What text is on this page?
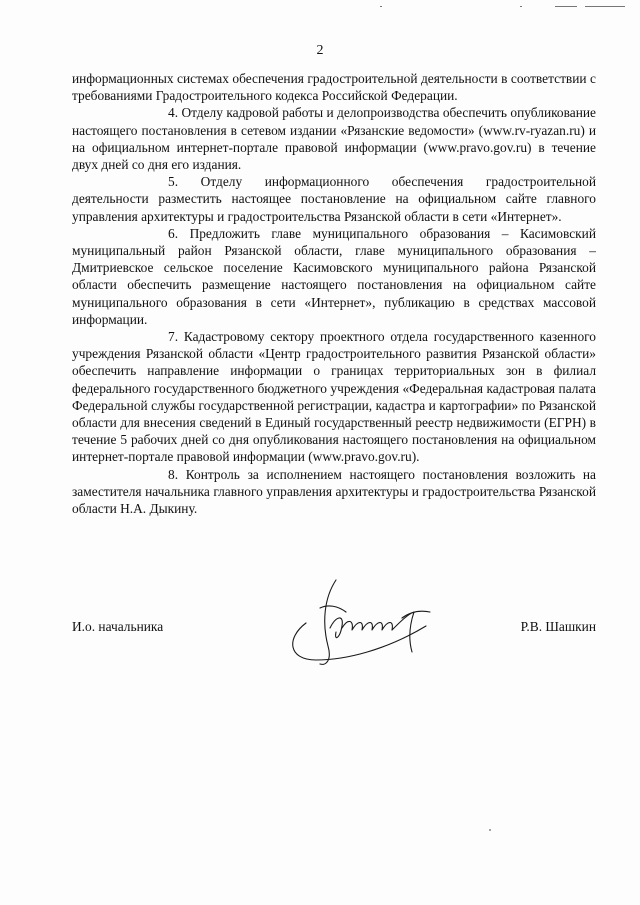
2

информационных системах обеспечения градостроительной деятельности в соответствии с требованиями Градостроительного кодекса Российской Федерации.

4. Отделу кадровой работы и делопроизводства обеспечить опубликование настоящего постановления в сетевом издании «Рязанские ведомости» (www.rv-ryazan.ru) и на официальном интернет-портале правовой информации (www.pravo.gov.ru) в течение двух дней со дня его издания.

5. Отделу информационного обеспечения градостроительной деятельности разместить настоящее постановление на официальном сайте главного управления архитектуры и градостроительства Рязанской области в сети «Интернет».

6. Предложить главе муниципального образования – Касимовский муниципальный район Рязанской области, главе муниципального образования – Дмитриевское сельское поселение Касимовского муниципального района Рязанской области обеспечить размещение настоящего постановления на официальном сайте муниципального образования в сети «Интернет», публикацию в средствах массовой информации.

7. Кадастровому сектору проектного отдела государственного казенного учреждения Рязанской области «Центр градостроительного развития Рязанской области» обеспечить направление информации о границах территориальных зон в филиал федерального государственного бюджетного учреждения «Федеральная кадастровая палата Федеральной службы государственной регистрации, кадастра и картографии» по Рязанской области для внесения сведений в Единый государственный реестр недвижимости (ЕГРН) в течение 5 рабочих дней со дня опубликования настоящего постановления на официальном интернет-портале правовой информации (www.pravo.gov.ru).

8. Контроль за исполнением настоящего постановления возложить на заместителя начальника главного управления архитектуры и градостроительства Рязанской области Н.А. Дыкину.

И.о. начальника	Р.В. Шашкин
